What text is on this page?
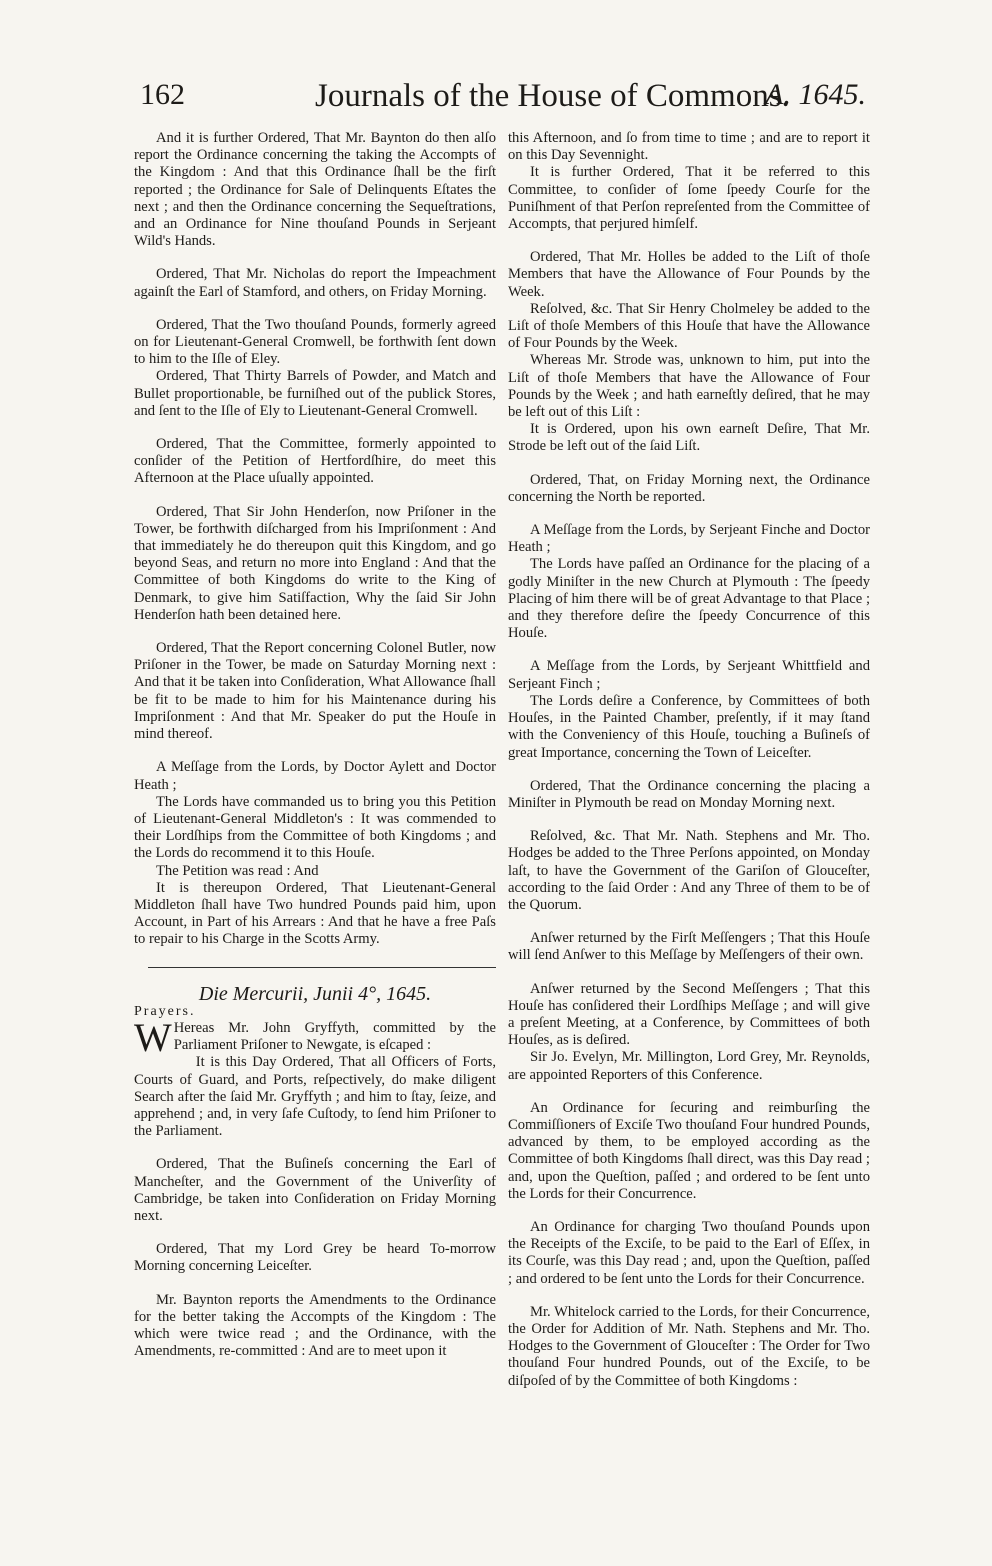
162	Journals of the House of Commons.
A. 1645.

And it is further Ordered, That Mr. Baynton do then alſo report the Ordinance concerning the taking the Accompts of the Kingdom : And that this Ordinance ſhall be the firſt reported ; the Ordinance for Sale of Delinquents Eſtates the next ; and then the Ordinance concerning the Sequeſtrations, and an Ordinance for Nine thouſand Pounds in Serjeant Wild's Hands.

Ordered, That Mr. Nicholas do report the Impeachment againſt the Earl of Stamford, and others, on Friday Morning.

Ordered, That the Two thouſand Pounds, formerly agreed on for Lieutenant-General Cromwell, be forthwith ſent down to him to the Iſle of Eley.

Ordered, That Thirty Barrels of Powder, and Match and Bullet proportionable, be furniſhed out of the publick Stores, and ſent to the Iſle of Ely to Lieutenant-General Cromwell.

Ordered, That the Committee, formerly appointed to conſider of the Petition of Hertfordſhire, do meet this Afternoon at the Place uſually appointed.

Ordered, That Sir John Henderſon, now Priſoner in the Tower, be forthwith diſcharged from his Impriſonment : And that immediately he do thereupon quit this Kingdom, and go beyond Seas, and return no more into England : And that the Committee of both Kingdoms do write to the King of Denmark, to give him Satiſfaction, Why the ſaid Sir John Henderſon hath been detained here.

Ordered, That the Report concerning Colonel Butler, now Priſoner in the Tower, be made on Saturday Morning next : And that it be taken into Conſideration, What Allowance ſhall be fit to be made to him for his Maintenance during his Impriſonment : And that Mr. Speaker do put the Houſe in mind thereof.

A Meſſage from the Lords, by Doctor Aylett and Doctor Heath ;

The Lords have commanded us to bring you this Petition of Lieutenant-General Middleton's : It was commended to their Lordſhips from the Committee of both Kingdoms ; and the Lords do recommend it to this Houſe.

The Petition was read : And

It is thereupon Ordered, That Lieutenant-General Middleton ſhall have Two hundred Pounds paid him, upon Account, in Part of his Arrears : And that he have a free Paſs to repair to his Charge in the Scotts Army.

Die Mercurii, Junii 4°, 1645.

Prayers.

W Hereas Mr. John Gryffyth, committed by the Parliament Priſoner to Newgate, is eſcaped :

It is this Day Ordered, That all Officers of Forts, Courts of Guard, and Ports, reſpectively, do make diligent Search after the ſaid Mr. Gryffyth ; and him to ſtay, ſeize, and apprehend ; and, in very ſafe Cuſtody, to ſend him Priſoner to the Parliament.

Ordered, That the Buſineſs concerning the Earl of Mancheſter, and the Government of the Univerſity of Cambridge, be taken into Conſideration on Friday Morning next.

Ordered, That my Lord Grey be heard To-morrow Morning concerning Leiceſter.

Mr. Baynton reports the Amendments to the Ordinance for the better taking the Accompts of the Kingdom : The which were twice read ; and the Ordinance, with the Amendments, re-committed : And are to meet upon it

this Afternoon, and ſo from time to time ; and are to report it on this Day Sevennight.

It is further Ordered, That it be referred to this Committee, to conſider of ſome ſpeedy Courſe for the Puniſhment of that Perſon repreſented from the Committee of Accompts, that perjured himſelf.

Ordered, That Mr. Holles be added to the Liſt of thoſe Members that have the Allowance of Four Pounds by the Week.

Reſolved, &c. That Sir Henry Cholmeley be added to the Liſt of thoſe Members of this Houſe that have the Allowance of Four Pounds by the Week.

Whereas Mr. Strode was, unknown to him, put into the Liſt of thoſe Members that have the Allowance of Four Pounds by the Week ; and hath earneſtly deſired, that he may be left out of this Liſt :

It is Ordered, upon his own earneſt Deſire, That Mr. Strode be left out of the ſaid Liſt.

Ordered, That, on Friday Morning next, the Ordinance concerning the North be reported.

A Meſſage from the Lords, by Serjeant Finche and Doctor Heath ;

The Lords have paſſed an Ordinance for the placing of a godly Miniſter in the new Church at Plymouth : The ſpeedy Placing of him there will be of great Advantage to that Place ; and they therefore deſire the ſpeedy Concurrence of this Houſe.

A Meſſage from the Lords, by Serjeant Whittfield and Serjeant Finch ;

The Lords deſire a Conference, by Committees of both Houſes, in the Painted Chamber, preſently, if it may ſtand with the Conveniency of this Houſe, touching a Buſineſs of great Importance, concerning the Town of Leiceſter.

Ordered, That the Ordinance concerning the placing a Miniſter in Plymouth be read on Monday Morning next.

Reſolved, &c. That Mr. Nath. Stephens and Mr. Tho. Hodges be added to the Three Perſons appointed, on Monday laſt, to have the Government of the Gariſon of Glouceſter, according to the ſaid Order : And any Three of them to be of the Quorum.

Anſwer returned by the Firſt Meſſengers ; That this Houſe will ſend Anſwer to this Meſſage by Meſſengers of their own.

Anſwer returned by the Second Meſſengers ; That this Houſe has conſidered their Lordſhips Meſſage ; and will give a preſent Meeting, at a Conference, by Committees of both Houſes, as is deſired.

Sir Jo. Evelyn, Mr. Millington, Lord Grey, Mr. Reynolds, are appointed Reporters of this Conference.

An Ordinance for ſecuring and reimburſing the Commiſſioners of Exciſe Two thouſand Four hundred Pounds, advanced by them, to be employed according as the Committee of both Kingdoms ſhall direct, was this Day read ; and, upon the Queſtion, paſſed ; and ordered to be ſent unto the Lords for their Concurrence.

An Ordinance for charging Two thouſand Pounds upon the Receipts of the Exciſe, to be paid to the Earl of Eſſex, in its Courſe, was this Day read ; and, upon the Queſtion, paſſed ; and ordered to be ſent unto the Lords for their Concurrence.

Mr. Whitelock carried to the Lords, for their Concurrence, the Order for Addition of Mr. Nath. Stephens and Mr. Tho. Hodges to the Government of Glouceſter : The Order for Two thouſand Four hundred Pounds, out of the Exciſe, to be diſpoſed of by the Committee of both Kingdoms :
